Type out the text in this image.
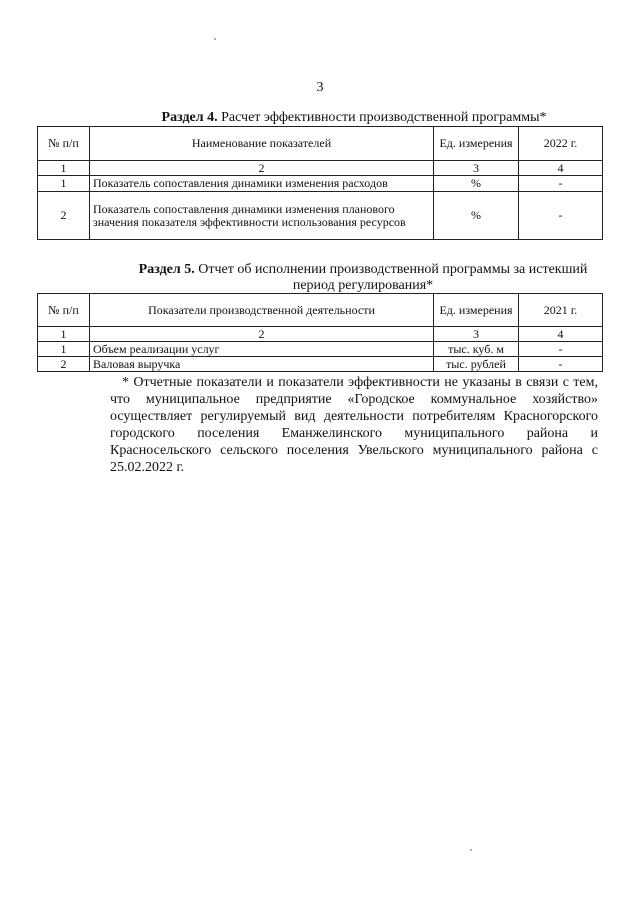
3
Раздел 4. Расчет эффективности производственной программы*
№ п/п	Наименование показателей	Ед. измерения	2022 г.
1	2	3	4
1	Показатель сопоставления динамики изменения расходов	%	-
2	Показатель сопоставления динамики изменения планового значения показателя эффективности использования ресурсов	%	-
Раздел 5. Отчет об исполнении производственной программы за истекший период регулирования*
№ п/п	Показатели производственной деятельности	Ед. измерения	2021 г.
1	2	3	4
1	Объем реализации услуг	тыс. куб. м	-
2	Валовая выручка	тыс. рублей	-

* Отчетные показатели и показатели эффективности не указаны в связи с тем, что муниципальное предприятие «Городское коммунальное хозяйство» осуществляет регулируемый вид деятельности потребителям Красногорского городского поселения Еманжелинского муниципального района и Красносельского сельского поселения Увельского муниципального района с 25.02.2022 г.
